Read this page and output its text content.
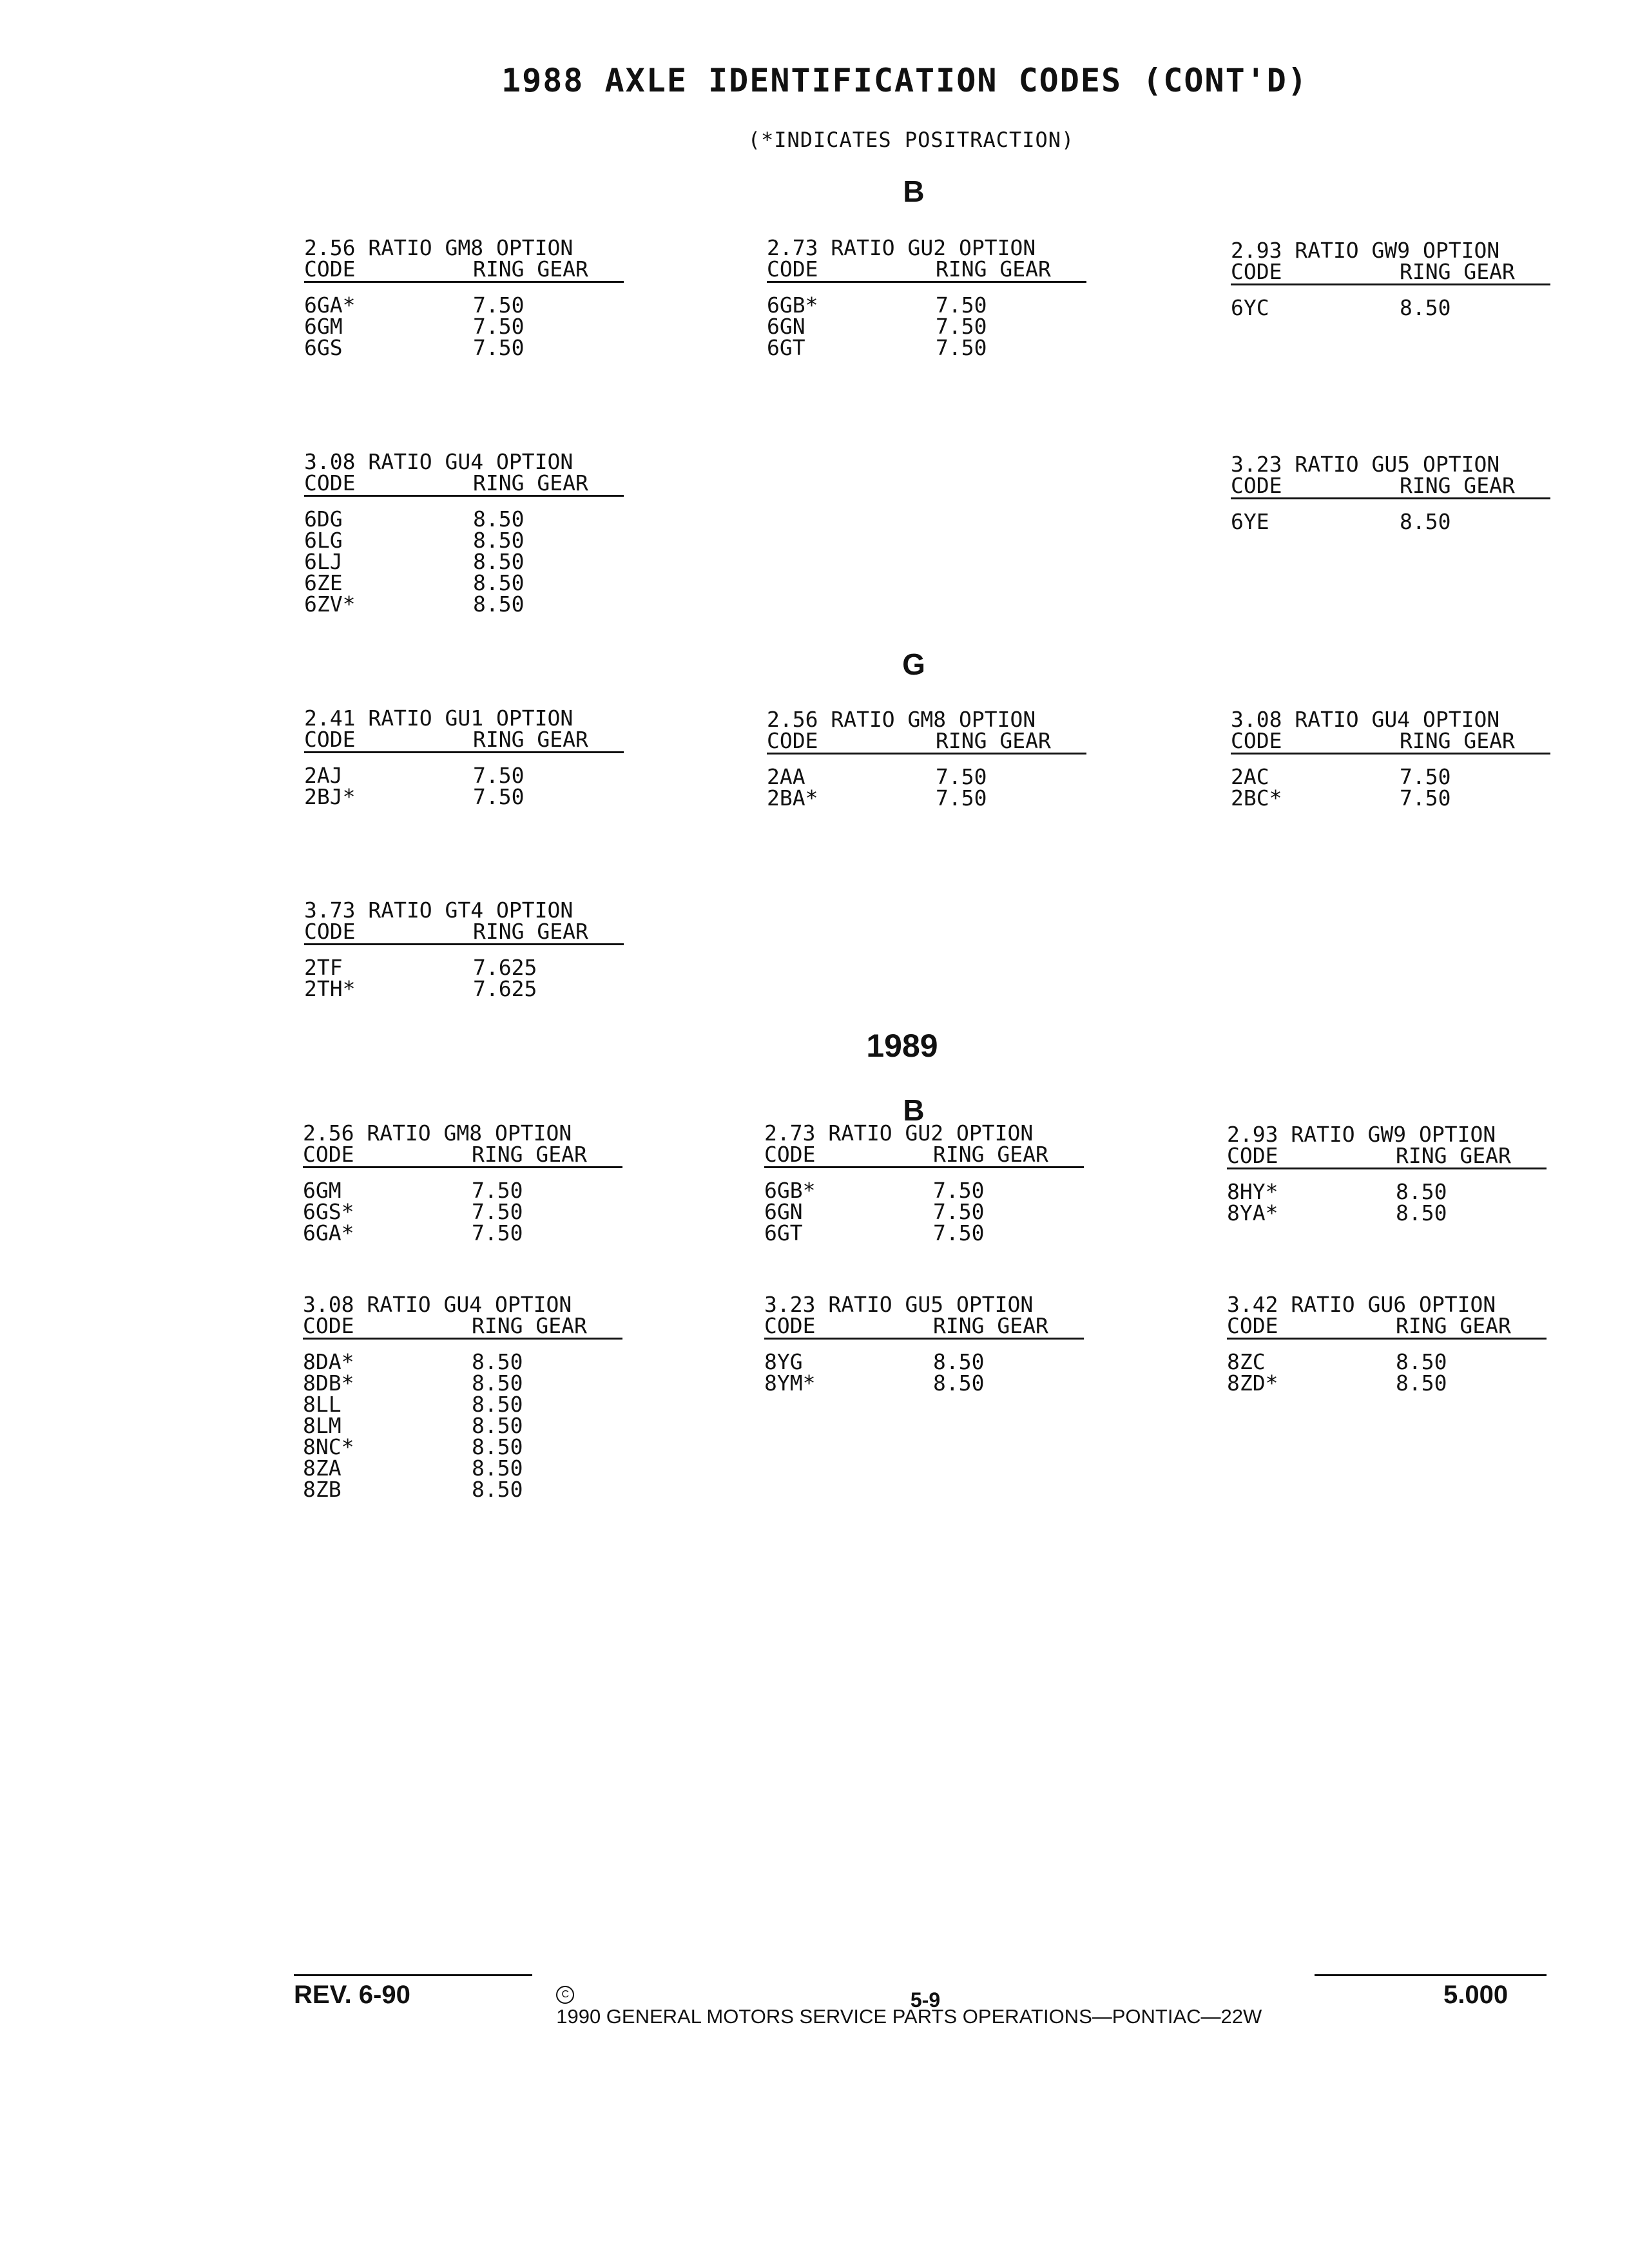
1988 AXLE IDENTIFICATION CODES (CONT'D)
(*INDICATES POSITRACTION)
B
2.56 RATIO GM8 OPTION
CODE	RING GEAR
6GA*	7.50
6GM	7.50
6GS	7.50
2.73 RATIO GU2 OPTION
CODE	RING GEAR
6GB*	7.50
6GN	7.50
6GT	7.50
2.93 RATIO GW9 OPTION
CODE	RING GEAR
6YC	8.50
3.08 RATIO GU4 OPTION
CODE	RING GEAR
6DG	8.50
6LG	8.50
6LJ	8.50
6ZE	8.50
6ZV*	8.50
3.23 RATIO GU5 OPTION
CODE	RING GEAR
6YE	8.50
G
2.41 RATIO GU1 OPTION
CODE	RING GEAR
2AJ	7.50
2BJ*	7.50
2.56 RATIO GM8 OPTION
CODE	RING GEAR
2AA	7.50
2BA*	7.50
3.08 RATIO GU4 OPTION
CODE	RING GEAR
2AC	7.50
2BC*	7.50
3.73 RATIO GT4 OPTION
CODE	RING GEAR
2TF	7.625
2TH*	7.625
1989
B
2.56 RATIO GM8 OPTION
CODE	RING GEAR
6GM	7.50
6GS*	7.50
6GA*	7.50
2.73 RATIO GU2 OPTION
CODE	RING GEAR
6GB*	7.50
6GN	7.50
6GT	7.50
2.93 RATIO GW9 OPTION
CODE	RING GEAR
8HY*	8.50
8YA*	8.50
3.08 RATIO GU4 OPTION
CODE	RING GEAR
8DA*	8.50
8DB*	8.50
8LL	8.50
8LM	8.50
8NC*	8.50
8ZA	8.50
8ZB	8.50
3.23 RATIO GU5 OPTION
CODE	RING GEAR
8YG	8.50
8YM*	8.50
3.42 RATIO GU6 OPTION
CODE	RING GEAR
8ZC	8.50
8ZD*	8.50

C
1990 GENERAL MOTORS SERVICE PARTS OPERATIONS—PONTIAC—22W

REV. 6-90	5-9	5.000
